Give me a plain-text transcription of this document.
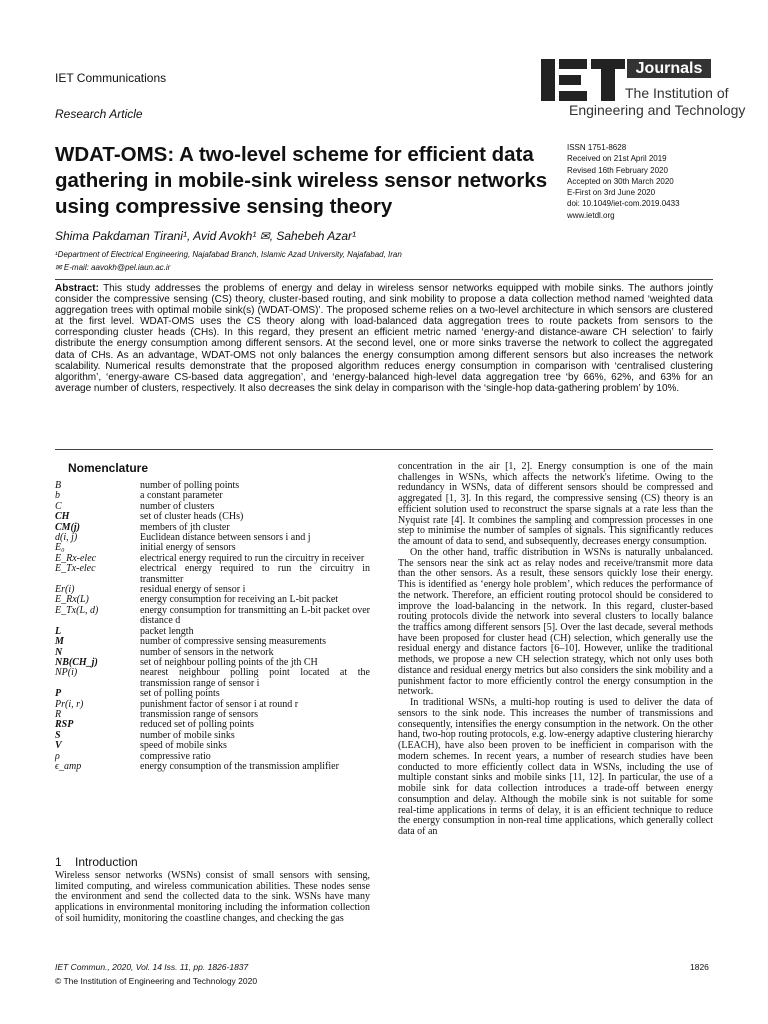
IET Communications
Research Article
Journals
The Institution of
Engineering and Technology
WDAT-OMS: A two-level scheme for efficient data gathering in mobile-sink wireless sensor networks using compressive sensing theory
ISSN 1751-8628
Received on 21st April 2019
Revised 16th February 2020
Accepted on 30th March 2020
E-First on 3rd June 2020
doi: 10.1049/iet-com.2019.0433
www.ietdl.org
Shima Pakdaman Tirani¹, Avid Avokh¹ ✉, Sahebeh Azar¹
¹Department of Electrical Engineering, Najafabad Branch, Islamic Azad University, Najafabad, Iran
✉ E-mail: aavokh@pel.iaun.ac.ir

Abstract: This study addresses the problems of energy and delay in wireless sensor networks equipped with mobile sinks. The authors jointly consider the compressive sensing (CS) theory, cluster-based routing, and sink mobility to propose a data collection method named ‘weighted data aggregation trees with optimal mobile sink(s) (WDAT-OMS)’. The proposed scheme relies on a two-level architecture in which sensors are clustered at the first level. WDAT-OMS uses the CS theory along with load-balanced data aggregation trees to route packets from sensors to the corresponding cluster heads (CHs). In this regard, they present an efficient metric named ‘energy-and distance-aware CH selection’ to fairly distribute the energy consumption among different sensors. At the second level, one or more sinks traverse the network to collect the aggregated data of CHs. As an advantage, WDAT-OMS not only balances the energy consumption among different sensors but also increases the network scalability. Numerical results demonstrate that the proposed algorithm reduces energy consumption in comparison with ‘centralised clustering algorithm’, ‘energy-aware CS-based data aggregation’, and ‘energy-balanced high-level data aggregation tree ‘by 66%, 62%, and 63% for an average number of clusters, respectively. It also decreases the sink delay in comparison with the ‘single-hop data-gathering problem’ by 10%.

Nomenclature
B	number of polling points
b	a constant parameter
C	number of clusters
CH	set of cluster heads (CHs)
CM(j)	members of jth cluster
d(i, j)	Euclidean distance between sensors i and j
E₀	initial energy of sensors
E_Rx-elec	electrical energy required to run the circuitry in receiver
E_Tx-elec	electrical energy required to run the circuitry in transmitter
Er(i)	residual energy of sensor i
E_Rx(L)	energy consumption for receiving an L-bit packet
E_Tx(L, d)	energy consumption for transmitting an L-bit packet over distance d
L	packet length
M	number of compressive sensing measurements
N	number of sensors in the network
NB(CH_j)	set of neighbour polling points of the jth CH
NP(i)	nearest neighbour polling point located at the transmission range of sensor i
P	set of polling points
Pr(i, r)	punishment factor of sensor i at round r
R	transmission range of sensors
RSP	reduced set of polling points
S	number of mobile sinks
V	speed of mobile sinks
ρ	compressive ratio
ϵ_amp	energy consumption of the transmission amplifier
1 Introduction

Wireless sensor networks (WSNs) consist of small sensors with sensing, limited computing, and wireless communication abilities. These nodes sense the environment and send the collected data to the sink. WSNs have many applications in environmental monitoring including the information collection of soil humidity, monitoring the coastline changes, and checking the gas

concentration in the air [1, 2]. Energy consumption is one of the main challenges in WSNs, which affects the network's lifetime. Owing to the redundancy in WSNs, data of different sensors should be compressed and aggregated [1, 3]. In this regard, the compressive sensing (CS) theory is an efficient solution used to reconstruct the sparse signals at a rate less than the Nyquist rate [4]. It combines the sampling and compression processes in one step to minimise the number of samples of signals. This significantly reduces the amount of data to send, and subsequently, decreases energy consumption.

On the other hand, traffic distribution in WSNs is naturally unbalanced. The sensors near the sink act as relay nodes and receive/transmit more data than the other sensors. As a result, these sensors quickly lose their energy. This is identified as ‘energy hole problem’, which reduces the performance of the network. Therefore, an efficient routing protocol should be considered to improve the load-balancing in the network. In this regard, cluster-based routing protocols divide the network into several clusters to locally balance the traffics among different sensors [5]. Over the last decade, several methods have been proposed for cluster head (CH) selection, which generally use the residual energy and distance factors [6–10]. However, unlike the traditional methods, we propose a new CH selection strategy, which not only uses both distance and residual energy metrics but also considers the sink mobility and a punishment factor to more efficiently control the energy consumption in the network.

In traditional WSNs, a multi-hop routing is used to deliver the data of sensors to the sink node. This increases the number of transmissions and consequently, intensifies the energy consumption in the network. On the other hand, two-hop routing protocols, e.g. low-energy adaptive clustering hierarchy (LEACH), have also been proven to be inefficient in comparison with the modern schemes. In recent years, a number of research studies have been conducted to more efficiently collect data in WSNs, including the use of multiple constant sinks and mobile sinks [11, 12]. In particular, the use of a mobile sink for data collection introduces a trade-off between energy consumption and delay. Although the mobile sink is not suitable for some real-time applications in terms of delay, it is an efficient technique to reduce the energy consumption in non-real time applications, which generally collect data of an

IET Commun., 2020, Vol. 14 Iss. 11, pp. 1826-1837
© The Institution of Engineering and Technology 2020
1826
